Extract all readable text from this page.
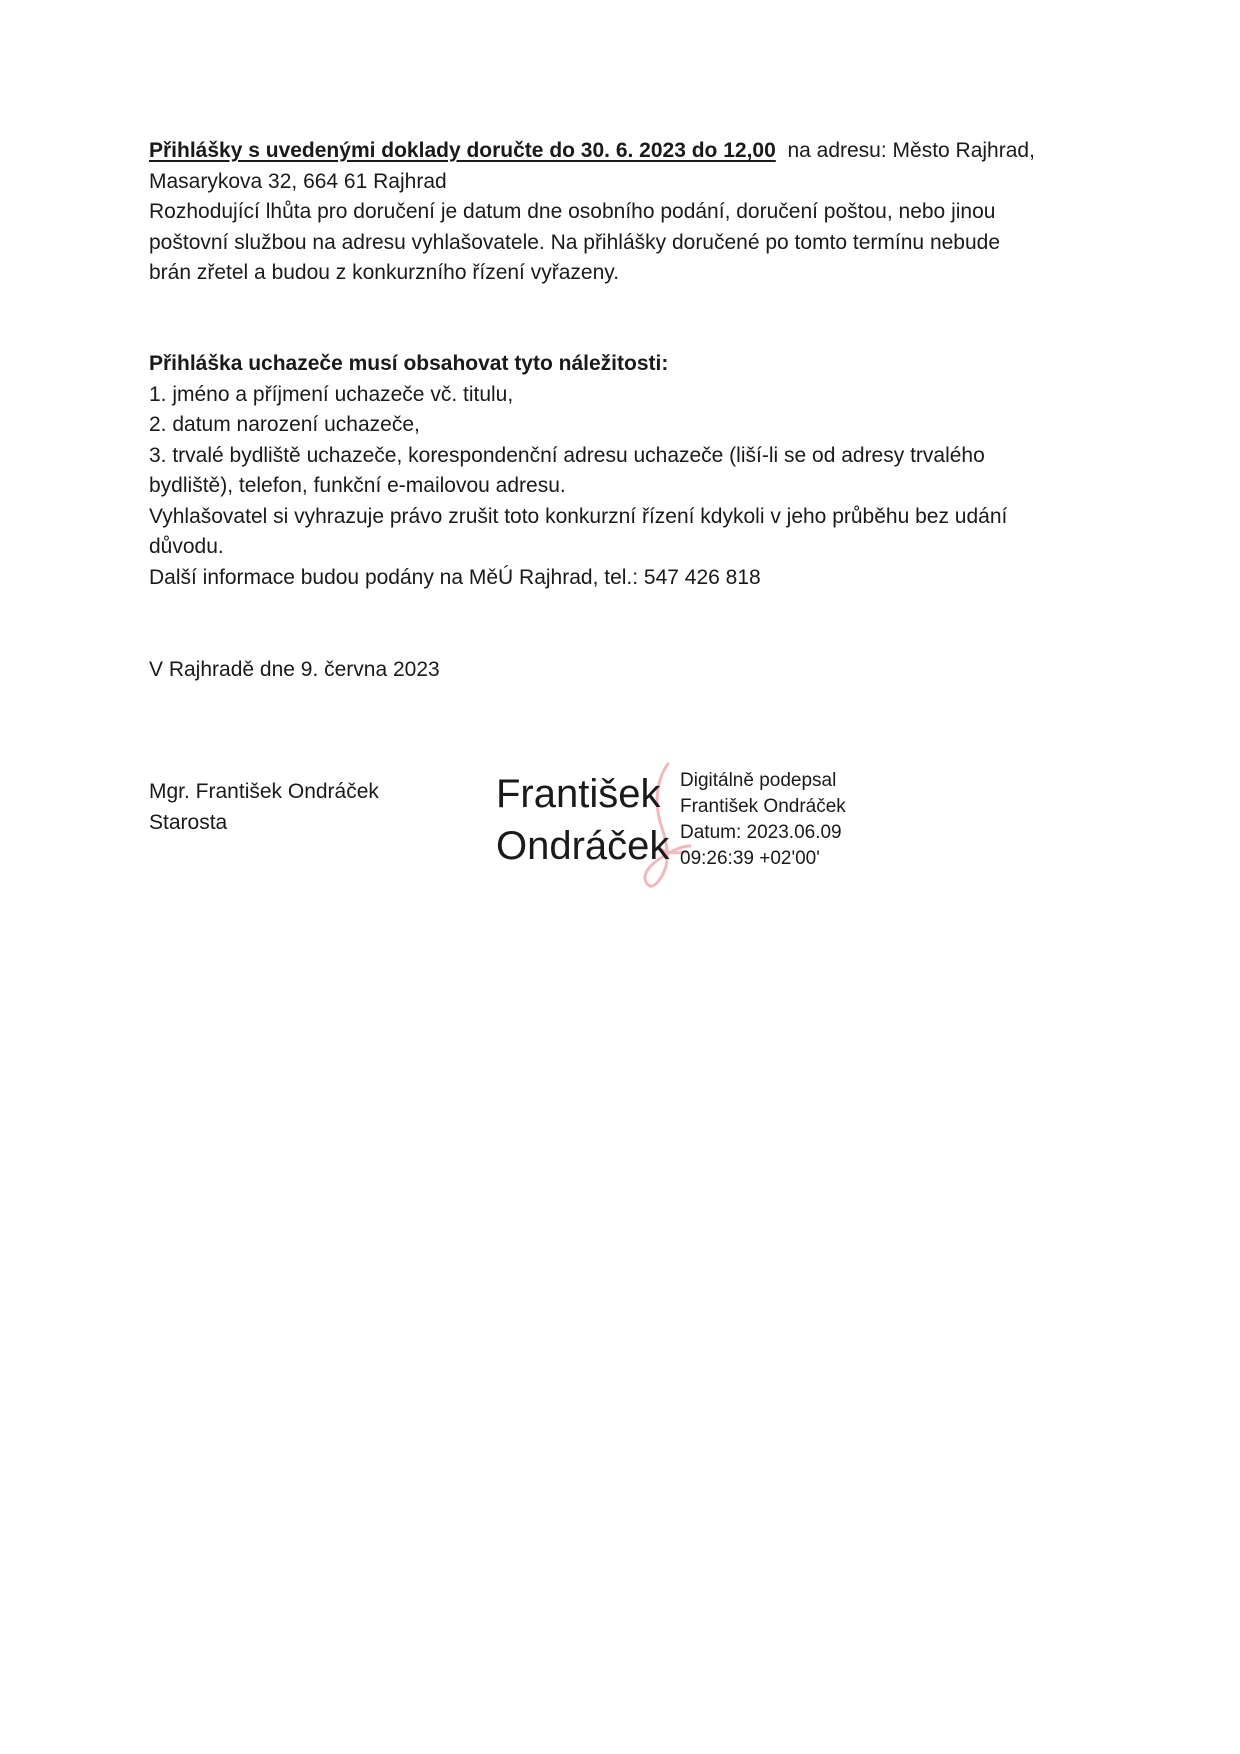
Přihlášky s uvedenými doklady doručte do 30. 6. 2023 do 12,00 na adresu: Město Rajhrad,

Masarykova 32, 664 61 Rajhrad

Rozhodující lhůta pro doručení je datum dne osobního podání, doručení poštou, nebo jinou

poštovní službou na adresu vyhlašovatele. Na přihlášky doručené po tomto termínu nebude

brán zřetel a budou z konkurzního řízení vyřazeny.

Přihláška uchazeče musí obsahovat tyto náležitosti:

1. jméno a příjmení uchazeče vč. titulu,

2. datum narození uchazeče,

3. trvalé bydliště uchazeče, korespondenční adresu uchazeče (liší-li se od adresy trvalého

bydliště), telefon, funkční e-mailovou adresu.

Vyhlašovatel si vyhrazuje právo zrušit toto konkurzní řízení kdykoli v jeho průběhu bez udání

důvodu.

Další informace budou podány na MěÚ Rajhrad, tel.: 547 426 818

V Rajhradě dne 9. června 2023

Mgr. František Ondráček

Starosta

František
Ondráček
Digitálně podepsal
František Ondráček
Datum: 2023.06.09
09:26:39 +02'00'
